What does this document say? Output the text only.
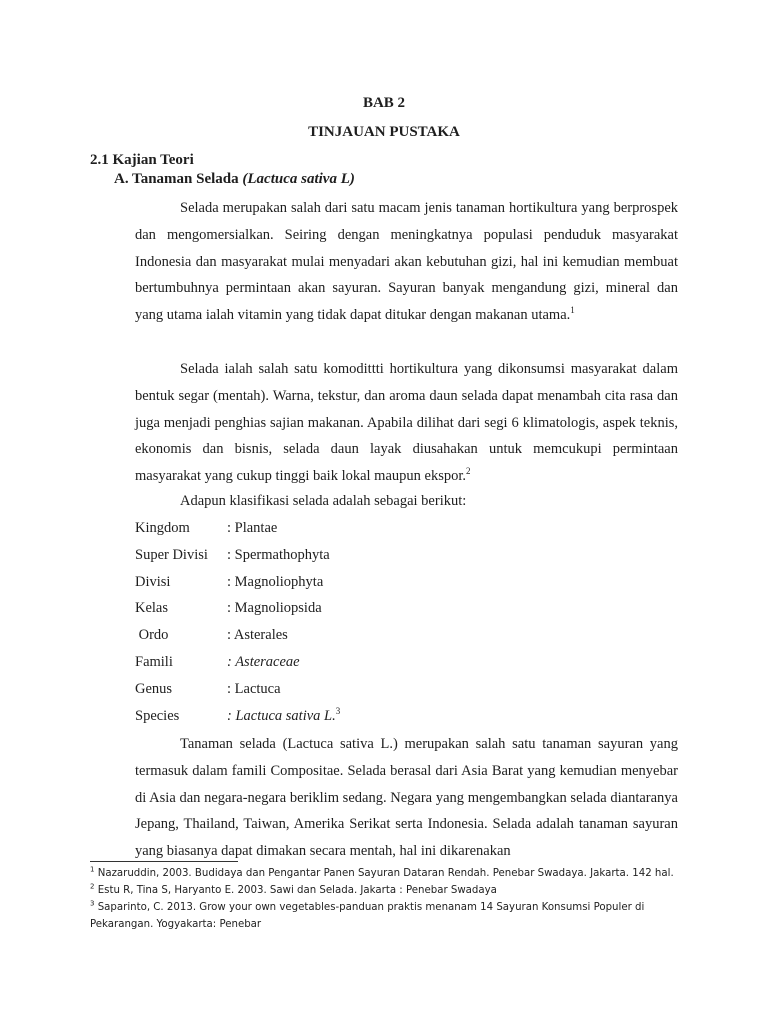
BAB 2
TINJAUAN PUSTAKA
2.1 Kajian Teori
A. Tanaman Selada (Lactuca sativa L)

Selada merupakan salah dari satu macam jenis tanaman hortikultura yang berprospek dan mengomersialkan. Seiring dengan meningkatnya populasi penduduk masyarakat Indonesia dan masyarakat mulai menyadari akan kebutuhan gizi, hal ini kemudian membuat bertumbuhnya permintaan akan sayuran. Sayuran banyak mengandung gizi, mineral dan yang utama ialah vitamin yang tidak dapat ditukar dengan makanan utama.$^1$

Selada ialah salah satu komodittti hortikultura yang dikonsumsi masyarakat dalam bentuk segar (mentah). Warna, tekstur, dan aroma daun selada dapat menambah cita rasa dan juga menjadi penghias sajian makanan. Apabila dilihat dari segi 6 klimatologis, aspek teknis, ekonomis dan bisnis, selada daun layak diusahakan untuk memcukupi permintaan masyarakat yang cukup tinggi baik lokal maupun ekspor.$^2$

Adapun klasifikasi selada adalah sebagai berikut:

Kingdom	: Plantae
Super Divisi : Spermathophyta
Divisi	: Magnoliophyta
Kelas	: Magnoliopsida
Ordo	: Asterales
Famili	: Asteraceae
Genus	: Lactuca
Species	: Lactuca sativa L.$^3$

Tanaman selada (Lactuca sativa L.) merupakan salah satu tanaman sayuran yang termasuk dalam famili Compositae. Selada berasal dari Asia Barat yang kemudian menyebar di Asia dan negara-negara beriklim sedang. Negara yang mengembangkan selada diantaranya Jepang, Thailand, Taiwan, Amerika Serikat serta Indonesia. Selada adalah tanaman sayuran yang biasanya dapat dimakan secara mentah, hal ini dikarenakan

$^1$ Nazaruddin, 2003. Budidaya dan Pengantar Panen Sayuran Dataran Rendah. Penebar Swadaya. Jakarta. 142 hal.
$^2$ Estu R, Tina S, Haryanto E. 2003. Sawi dan Selada. Jakarta : Penebar Swadaya
$^3$ Saparinto, C. 2013. Grow your own vegetables-panduan praktis menanam 14 Sayuran Konsumsi Populer di Pekarangan. Yogyakarta: Penebar
